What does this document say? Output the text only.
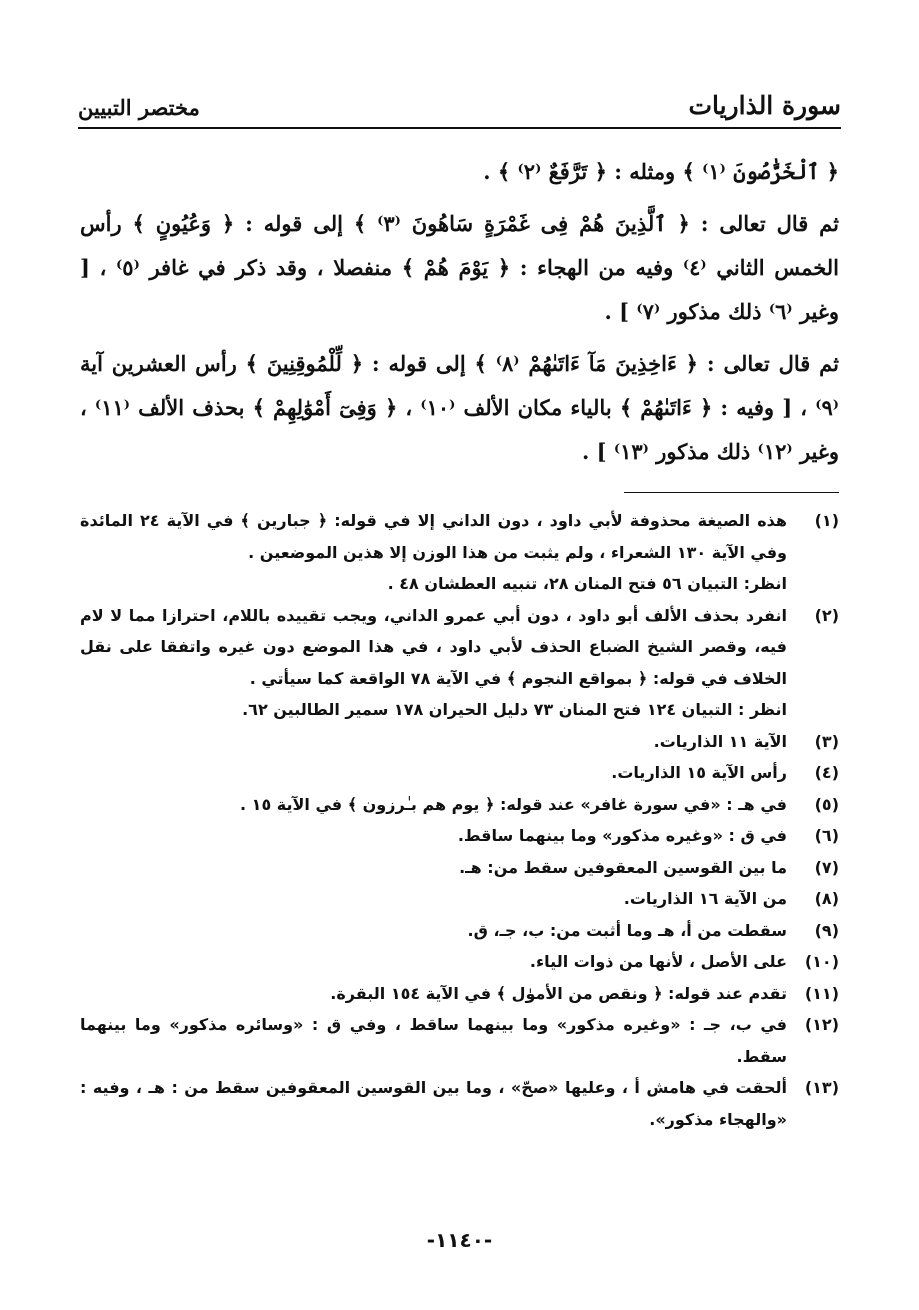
سورة الذاريات
مختصر التبيين

﴿ ٱلْخَرَّٰصُونَ ⁽١⁾ ﴾ ومثله : ﴿ تَرَّفَعٌ ⁽٢⁾ ﴾ .

ثم قال تعالى : ﴿ ٱلَّذِينَ هُمْ فِى غَمْرَةٍ سَاهُونَ ⁽٣⁾ ﴾ إلى قوله : ﴿ وَعُيُونٍ ﴾ رأس الخمس الثاني ⁽٤⁾ وفيه من الهجاء : ﴿ يَوْمَ هُمْ ﴾ منفصلا ، وقد ذكر في غافر ⁽٥⁾ ، [ وغير ⁽٦⁾ ذلك مذكور ⁽٧⁾ ] .

ثم قال تعالى : ﴿ ءَاخِذِينَ مَآ ءَاتَىٰهُمْ ⁽٨⁾ ﴾ إلى قوله : ﴿ لِّلْمُوقِنِينَ ﴾ رأس العشرين آية ⁽٩⁾ ، [ وفيه : ﴿ ءَاتَىٰهُمْ ﴾ بالياء مكان الألف ⁽١٠⁾ ، ﴿ وَفِىٓ أَمْوَٰلِهِمْ ﴾ بحذف الألف ⁽١١⁾ ، وغير ⁽١٢⁾ ذلك مذكور ⁽١٣⁾ ] .

(١)
هذه الصيغة محذوفة لأبي داود ، دون الداني إلا في قوله: ﴿ جبارين ﴾ في الآية ٢٤ المائدة وفي الآية ١٣٠ الشعراء ، ولم يثبت من هذا الوزن إلا هذين الموضعين .
انظر: التبيان ٥٦ فتح المنان ٢٨، تنبيه العطشان ٤٨ .
(٢)
انفرد بحذف الألف أبو داود ، دون أبي عمرو الداني، ويجب تقييده باللام، احترازا مما لا لام فيه، وقصر الشيخ الضباع الحذف لأبي داود ، في هذا الموضع دون غيره واتفقا على نقل الخلاف في قوله: ﴿ بمواقع النجوم ﴾ في الآية ٧٨ الواقعة كما سيأتي .
انظر : التبيان ١٢٤ فتح المنان ٧٣ دليل الحيران ١٧٨ سمير الطالبين ٦٢.
(٣)
الآية ١١ الذاريات.
(٤)
رأس الآية ١٥ الذاريات.
(٥)
في هـ : «في سورة غافر» عند قوله: ﴿ يوم هم بـٰرزون ﴾ في الآية ١٥ .
(٦)
في ق : «وغيره مذكور» وما بينهما ساقط.
(٧)
ما بين القوسين المعقوفين سقط من: هـ.
(٨)
من الآية ١٦ الذاريات.
(٩)
سقطت من أ، هـ وما أثبت من: ب، جـ، ق.
(١٠)
على الأصل ، لأنها من ذوات الياء.
(١١)
تقدم عند قوله: ﴿ ونقص من الأموٰل ﴾ في الآية ١٥٤ البقرة.
(١٢)
في ب، جـ : «وغيره مذكور» وما بينهما ساقط ، وفي ق : «وسائره مذكور» وما بينهما سقط.
(١٣)
ألحقت في هامش أ ، وعليها «صحّ» ، وما بين القوسين المعقوفين سقط من : هـ ، وفيه : «والهجاء مذكور».
-١١٤٠-
